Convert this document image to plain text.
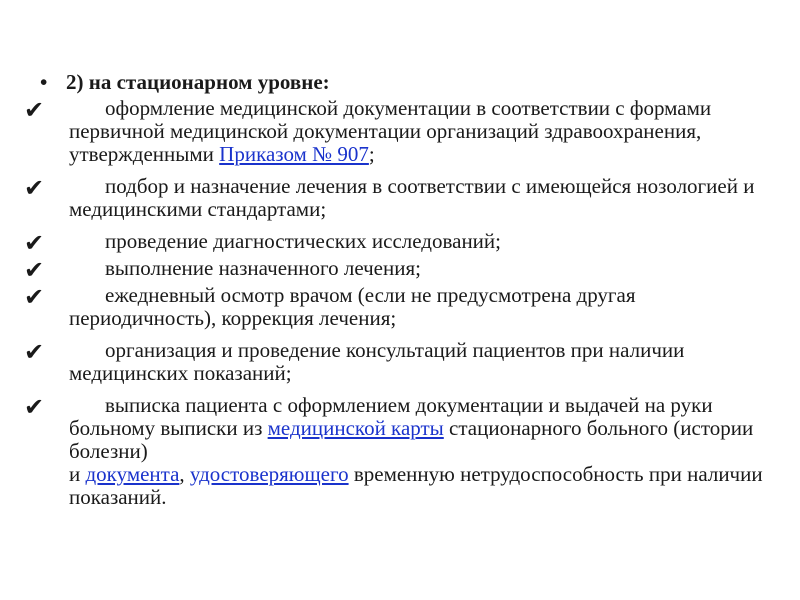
• 2) на стационарном уровне:
✔	оформление медицинской документации в соответствии с формами первичной медицинской документации организаций здравоохранения, утвержденными Приказом № 907;
✔	подбор и назначение лечения в соответствии с имеющейся нозологией и медицинскими стандартами;
✔	проведение диагностических исследований;
✔	выполнение назначенного лечения;
✔	ежедневный осмотр врачом (если не предусмотрена другая периодичность), коррекция лечения;
✔	организация и проведение консультаций пациентов при наличии медицинских показаний;
✔	выписка пациента с оформлением документации и выдачей на руки больному выписки из медицинской карты стационарного больного (истории болезни)
и документа, удостоверяющего временную нетрудоспособность при наличии показаний.
